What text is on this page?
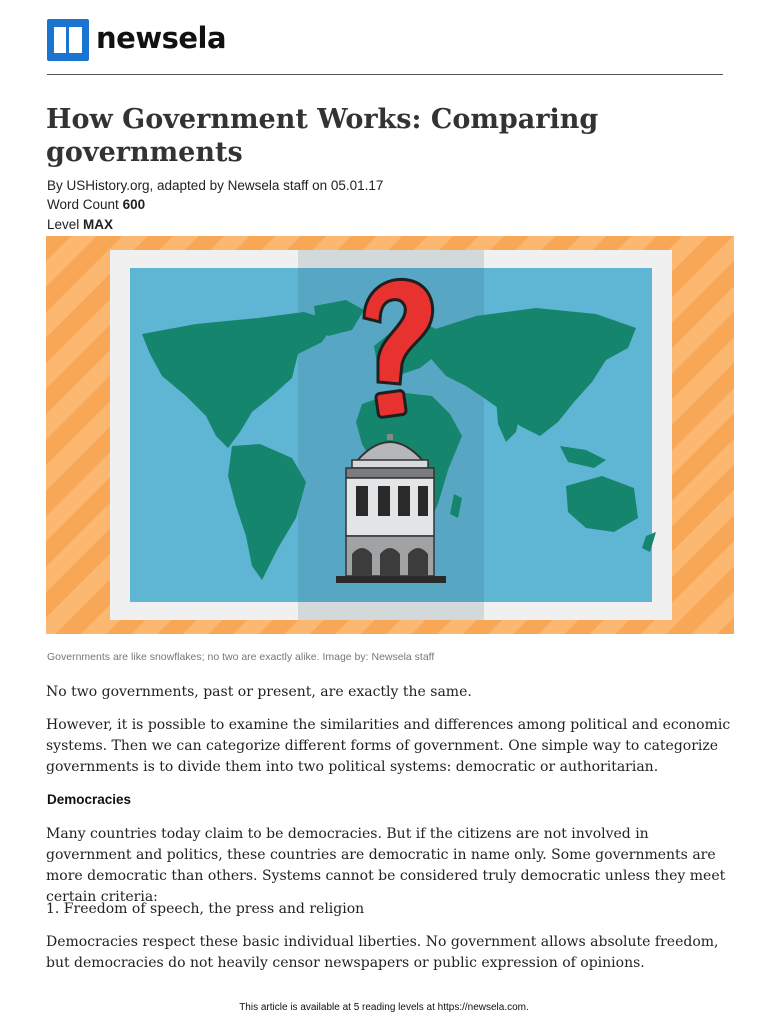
newsela
How Government Works: Comparing governments
By USHistory.org, adapted by Newsela staff on 05.01.17
Word Count 600
Level MAX
Governments are like snowflakes; no two are exactly alike. Image by: Newsela staff

No two governments, past or present, are exactly the same.

However, it is possible to examine the similarities and differences among political and economic systems. Then we can categorize different forms of government. One simple way to categorize governments is to divide them into two political systems: democratic or authoritarian.

Democracies

Many countries today claim to be democracies. But if the citizens are not involved in government and politics, these countries are democratic in name only. Some governments are more democratic than others. Systems cannot be considered truly democratic unless they meet certain criteria:

1. Freedom of speech, the press and religion

Democracies respect these basic individual liberties. No government allows absolute freedom, but democracies do not heavily censor newspapers or public expression of opinions.

This article is available at 5 reading levels at https://newsela.com.
